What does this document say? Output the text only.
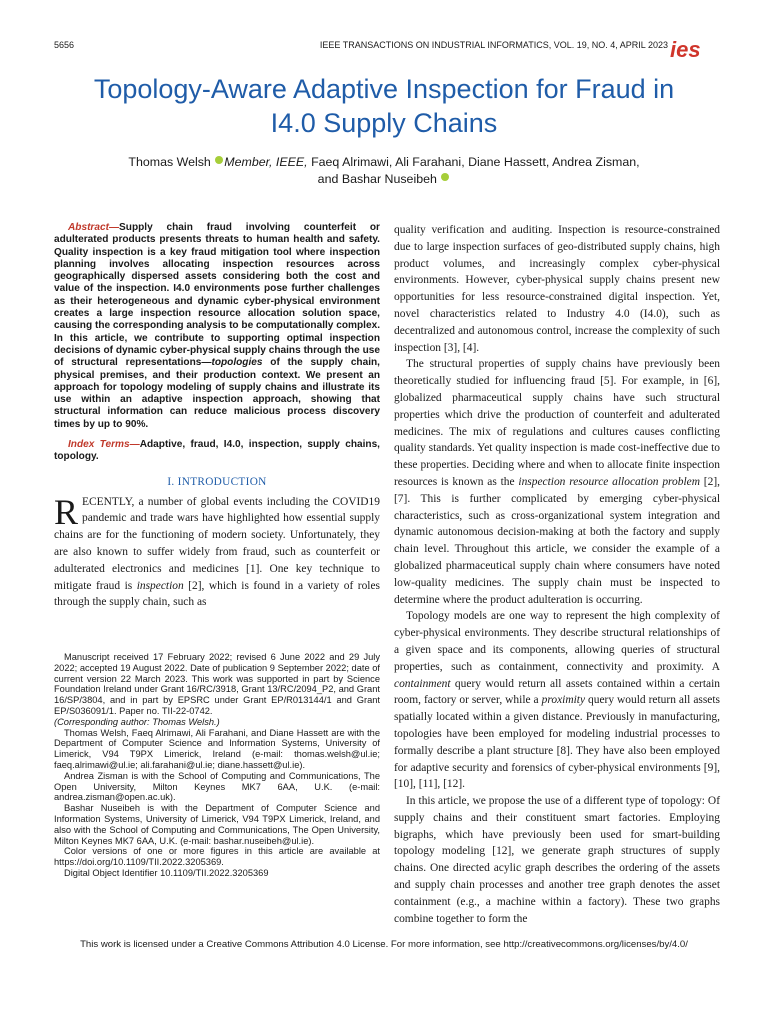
5656	IEEE TRANSACTIONS ON INDUSTRIAL INFORMATICS, VOL. 19, NO. 4, APRIL 2023 ies
Topology-Aware Adaptive Inspection for Fraud in
I4.0 Supply Chains
Thomas Welsh Member, IEEE, Faeq Alrimawi, Ali Farahani, Diane Hassett, Andrea Zisman,
and Bashar Nuseibeh

Abstract—Supply chain fraud involving counterfeit or adulterated products presents threats to human health and safety. Quality inspection is a key fraud mitigation tool where inspection planning involves allocating inspection resources across geographically dispersed assets considering both the cost and value of the inspection. I4.0 environments pose further challenges as their heterogeneous and dynamic cyber-physical environment creates a large inspection resource allocation solution space, causing the corresponding analysis to be computationally complex. In this article, we contribute to supporting optimal inspection decisions of dynamic cyber-physical supply chains through the use of structural representations—topologies of the supply chain, physical premises, and their production context. We present an approach for topology modeling of supply chains and illustrate its use within an adaptive inspection approach, showing that structural information can reduce malicious process discovery times by up to 90%.

Index Terms—Adaptive, fraud, I4.0, inspection, supply chains, topology.

I. INTRODUCTION

RECENTLY, a number of global events including the COVID19 pandemic and trade wars have highlighted how essential supply chains are for the functioning of modern society. Unfortunately, they are also known to suffer widely from fraud, such as counterfeit or adulterated electronics and medicines [1]. One key technique to mitigate fraud is inspection [2], which is found in a variety of roles through the supply chain, such as

Manuscript received 17 February 2022; revised 6 June 2022 and 29 July 2022; accepted 19 August 2022. Date of publication 9 September 2022; date of current version 22 March 2023. This work was supported in part by Science Foundation Ireland under Grant 16/RC/3918, Grant 13/RC/2094_P2, and Grant 16/SP/3804, and in part by EPSRC under Grant EP/R013144/1 and Grant EP/S036091/1. Paper no. TII-22-0742.

(Corresponding author: Thomas Welsh.)

Thomas Welsh, Faeq Alrimawi, Ali Farahani, and Diane Hassett are with the Department of Computer Science and Information Systems, University of Limerick, V94 T9PX Limerick, Ireland (e-mail: thomas.welsh@ul.ie; faeq.alrimawi@ul.ie; ali.farahani@ul.ie; diane.hassett@ul.ie).

Andrea Zisman is with the School of Computing and Communications, The Open University, Milton Keynes MK7 6AA, U.K. (e-mail: andrea.zisman@open.ac.uk).

Bashar Nuseibeh is with the Department of Computer Science and Information Systems, University of Limerick, V94 T9PX Limerick, Ireland, and also with the School of Computing and Communications, The Open University, Milton Keynes MK7 6AA, U.K. (e-mail: bashar.nuseibeh@ul.ie).

Color versions of one or more figures in this article are available at https://doi.org/10.1109/TII.2022.3205369.

Digital Object Identifier 10.1109/TII.2022.3205369

quality verification and auditing. Inspection is resource-constrained due to large inspection surfaces of geo-distributed supply chains, high product volumes, and increasingly complex cyber-physical environments. However, cyber-physical supply chains present new opportunities for less resource-constrained digital inspection. Yet, novel characteristics related to Industry 4.0 (I4.0), such as decentralized and autonomous control, increase the complexity of such inspection [3], [4].

The structural properties of supply chains have previously been theoretically studied for influencing fraud [5]. For example, in [6], globalized pharmaceutical supply chains have such structural properties which drive the production of counterfeit and adulterated medicines. The mix of regulations and cultures causes conflicting quality standards. Yet quality inspection is made cost-ineffective due to these properties. Deciding where and when to allocate finite inspection resources is known as the inspection resource allocation problem [2], [7]. This is further complicated by emerging cyber-physical characteristics, such as cross-organizational system integration and dynamic autonomous decision-making at both the factory and supply chain level. Throughout this article, we consider the example of a globalized pharmaceutical supply chain where consumers have noted low-quality medicines. The supply chain must be inspected to determine where the product adulteration is occurring.

Topology models are one way to represent the high complexity of cyber-physical environments. They describe structural relationships of a given space and its components, allowing queries of structural properties, such as containment, connectivity and proximity. A containment query would return all assets contained within a certain room, factory or server, while a proximity query would return all assets spatially located within a given distance. Previously in manufacturing, topologies have been employed for modeling industrial processes to formally describe a plant structure [8]. They have also been employed for adaptive security and forensics of cyber-physical environments [9], [10], [11], [12].

In this article, we propose the use of a different type of topology: Of supply chains and their constituent smart factories. Employing bigraphs, which have previously been used for smart-building topology modeling [12], we generate graph structures of supply chains. One directed acylic graph describes the ordering of the assets and supply chain processes and another tree graph denotes the asset containment (e.g., a machine within a factory). These two graphs combine together to form the

This work is licensed under a Creative Commons Attribution 4.0 License. For more information, see http://creativecommons.org/licenses/by/4.0/
